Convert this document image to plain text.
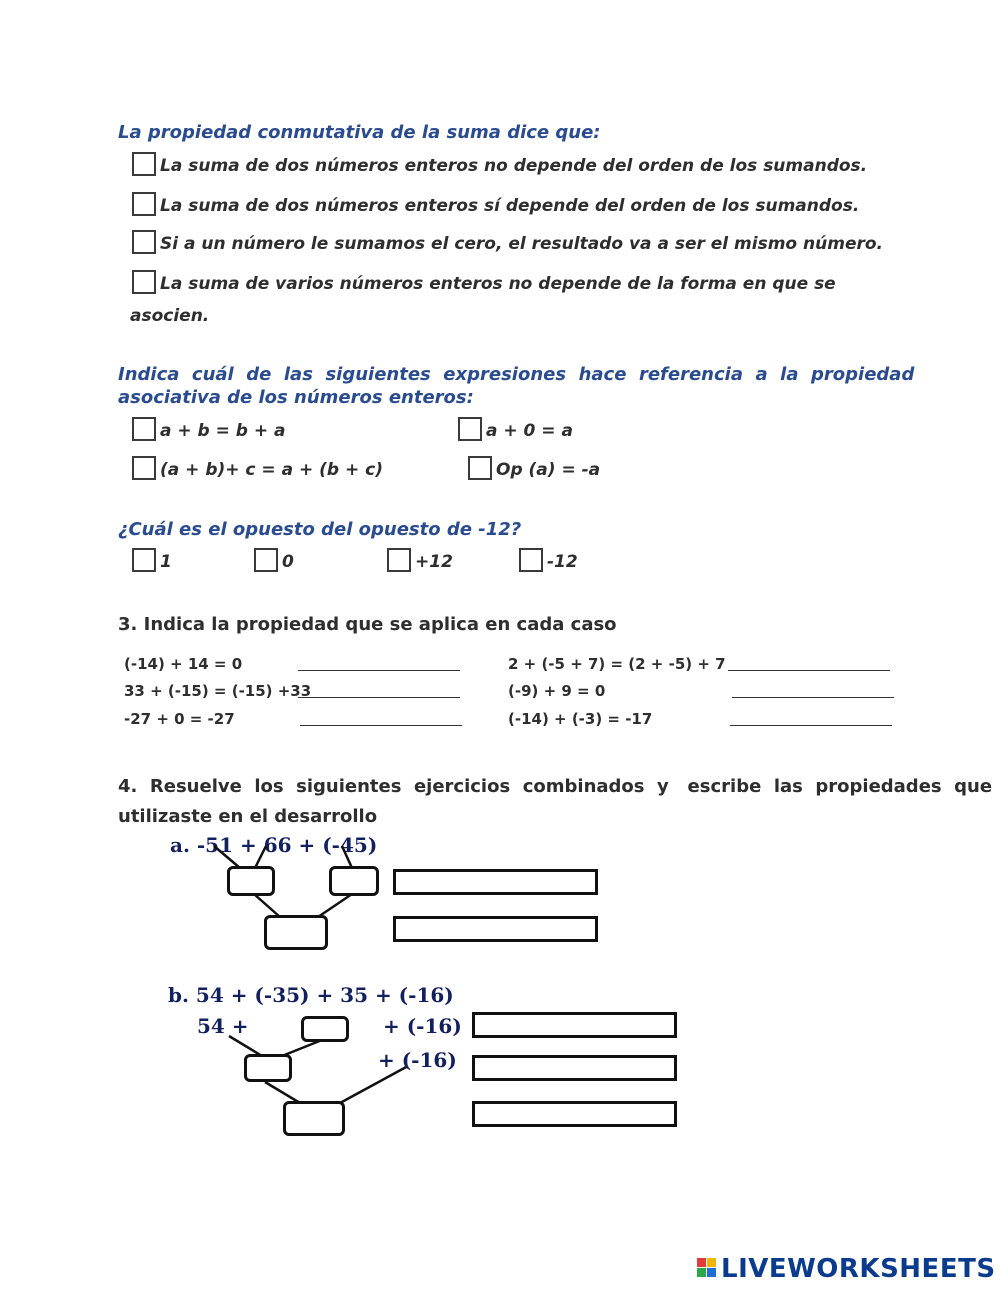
La propiedad conmutativa de la suma dice que:
La suma de dos números enteros no depende del orden de los sumandos.
La suma de dos números enteros sí depende del orden de los sumandos.
Si a un número le sumamos el cero, el resultado va a ser el mismo número.
La suma de varios números enteros no depende de la forma en que se
asocien.
Indica  cuál  de  las  siguientes  expresiones  hace  referencia  a  la  propiedad
asociativa de los números enteros:
a + b = b + a	a + 0 = a
(a + b)+ c = a + (b + c)	Op (a) = -a
¿Cuál es el opuesto del opuesto de -12?
1	0	+12	-12
3. Indica la propiedad que se aplica en cada caso
(-14) + 14 = 0	2 + (-5 + 7) = (2 + -5) + 7
33 + (-15) = (-15) +33	(-9) + 9 = 0
-27 + 0 = -27	(-14) + (-3) = -17
4.  Resuelve  los  siguientes  ejercicios  combinados  y   escribe  las  propiedades  que
utilizaste en el desarrollo
a. -51 + 66 + (-45)
b. 54 + (-35) + 35 + (-16)
54 +	+ (-16)
+ (-16)
LIVEWORKSHEETS
